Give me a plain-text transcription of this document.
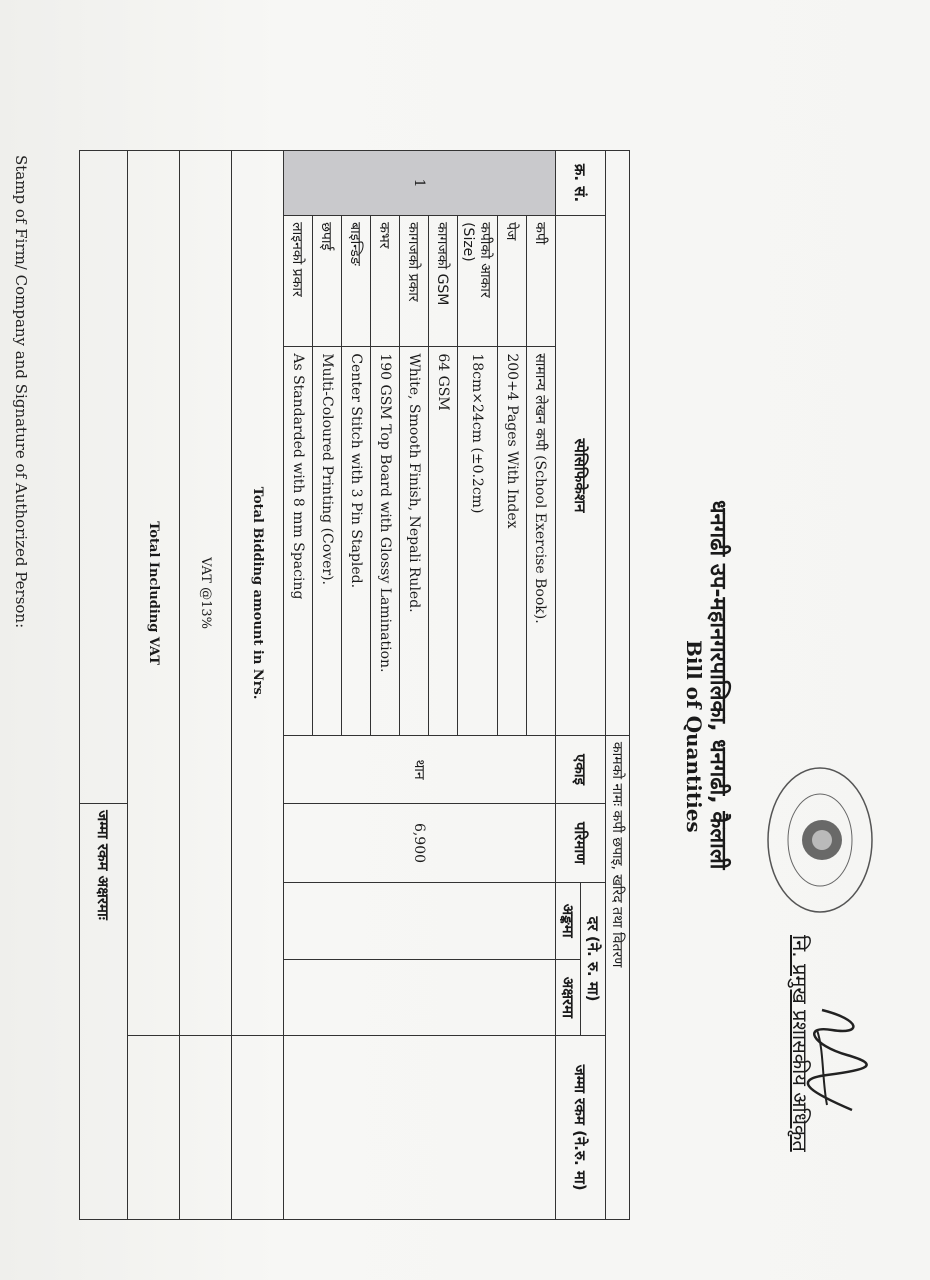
नि. प्रमुख प्रशासकीय अधिकृत
धनगढी उप-महानगरपालिका, धनगढी, कैलाली
Bill of Quantities
			कामको नामः कपी छपाइ, खरिद तथा वितरण				
क्र. सं.	स्पेसिफिकेशन		एकाइ	परिमाण	दर (ने. रु. मा)		जम्मा रकम (ने.रु. मा)
					अङ्कमा	अक्षरमा	
1	कपी	सामान्य लेखन कपी (School Exercise Book).	थान	6,900			
	पेज	200+4 Pages With Index					
	कपीको आकार (Size)	18cm×24cm (±0.2cm)					
	कागजको GSM	64 GSM					
	कागजको प्रकार	White, Smooth Finish, Nepali Ruled.					
	कभर	190 GSM Top Board with Glossy Lamination.					
	बाइन्डिङ	Center Stitch with 3 Pin Stapled.					
	छपाई	Multi-Coloured Printing (Cover).					
	लाइनको प्रकार	As Standarded with 8 mm Spacing					
Total Bidding amount in Nrs.							
VAT @13%							
Total Including VAT							
				जम्मा रकम अक्षरमाः			
Stamp of Firm/ Company and Signature of Authorized Person:
